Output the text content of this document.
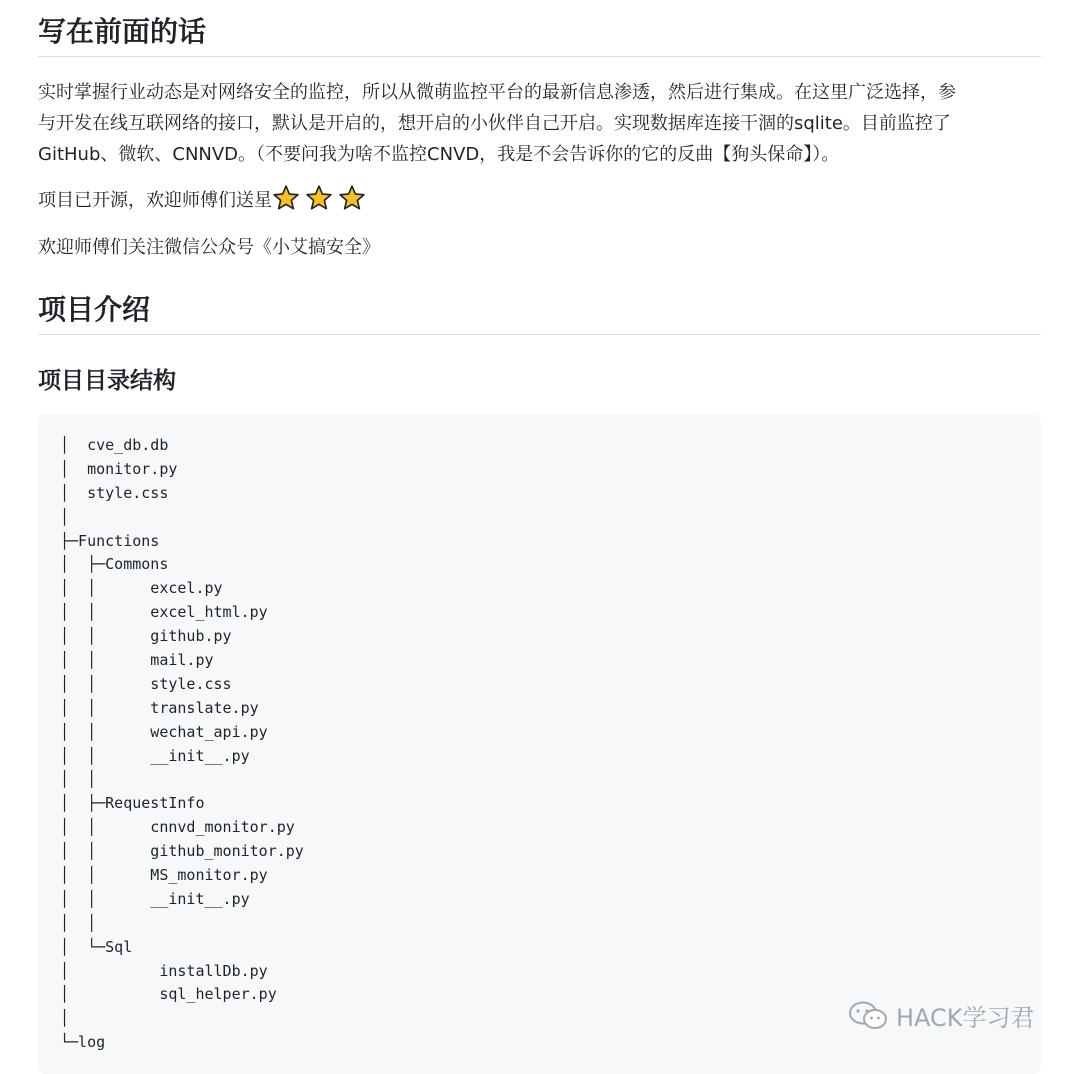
写在前面的话

实时掌握行业动态是对网络安全的监控，所以从微萌监控平台的最新信息渗透，然后进行集成。在这里广泛选择，参

与开发在线互联网络的接口，默认是开启的，想开启的小伙伴自己开启。实现数据库连接干涸的sqlite。目前监控了

GitHub、微软、CNNVD。（不要问我为啥不监控CNVD，我是不会告诉你的它的反曲【狗头保命】）。

项目已开源，欢迎师傅们送星

欢迎师傅们关注微信公众号《小艾搞安全》

项目介绍
项目目录结构
│  cve_db.db
│  monitor.py
│  style.css
│
├─Functions
│  ├─Commons
│  │      excel.py
│  │      excel_html.py
│  │      github.py
│  │      mail.py
│  │      style.css
│  │      translate.py
│  │      wechat_api.py
│  │      __init__.py
│  │
│  ├─RequestInfo
│  │      cnnvd_monitor.py
│  │      github_monitor.py
│  │      MS_monitor.py
│  │      __init__.py
│  │
│  └─Sql
│          installDb.py
│          sql_helper.py
│
└─log
HACK学习君
